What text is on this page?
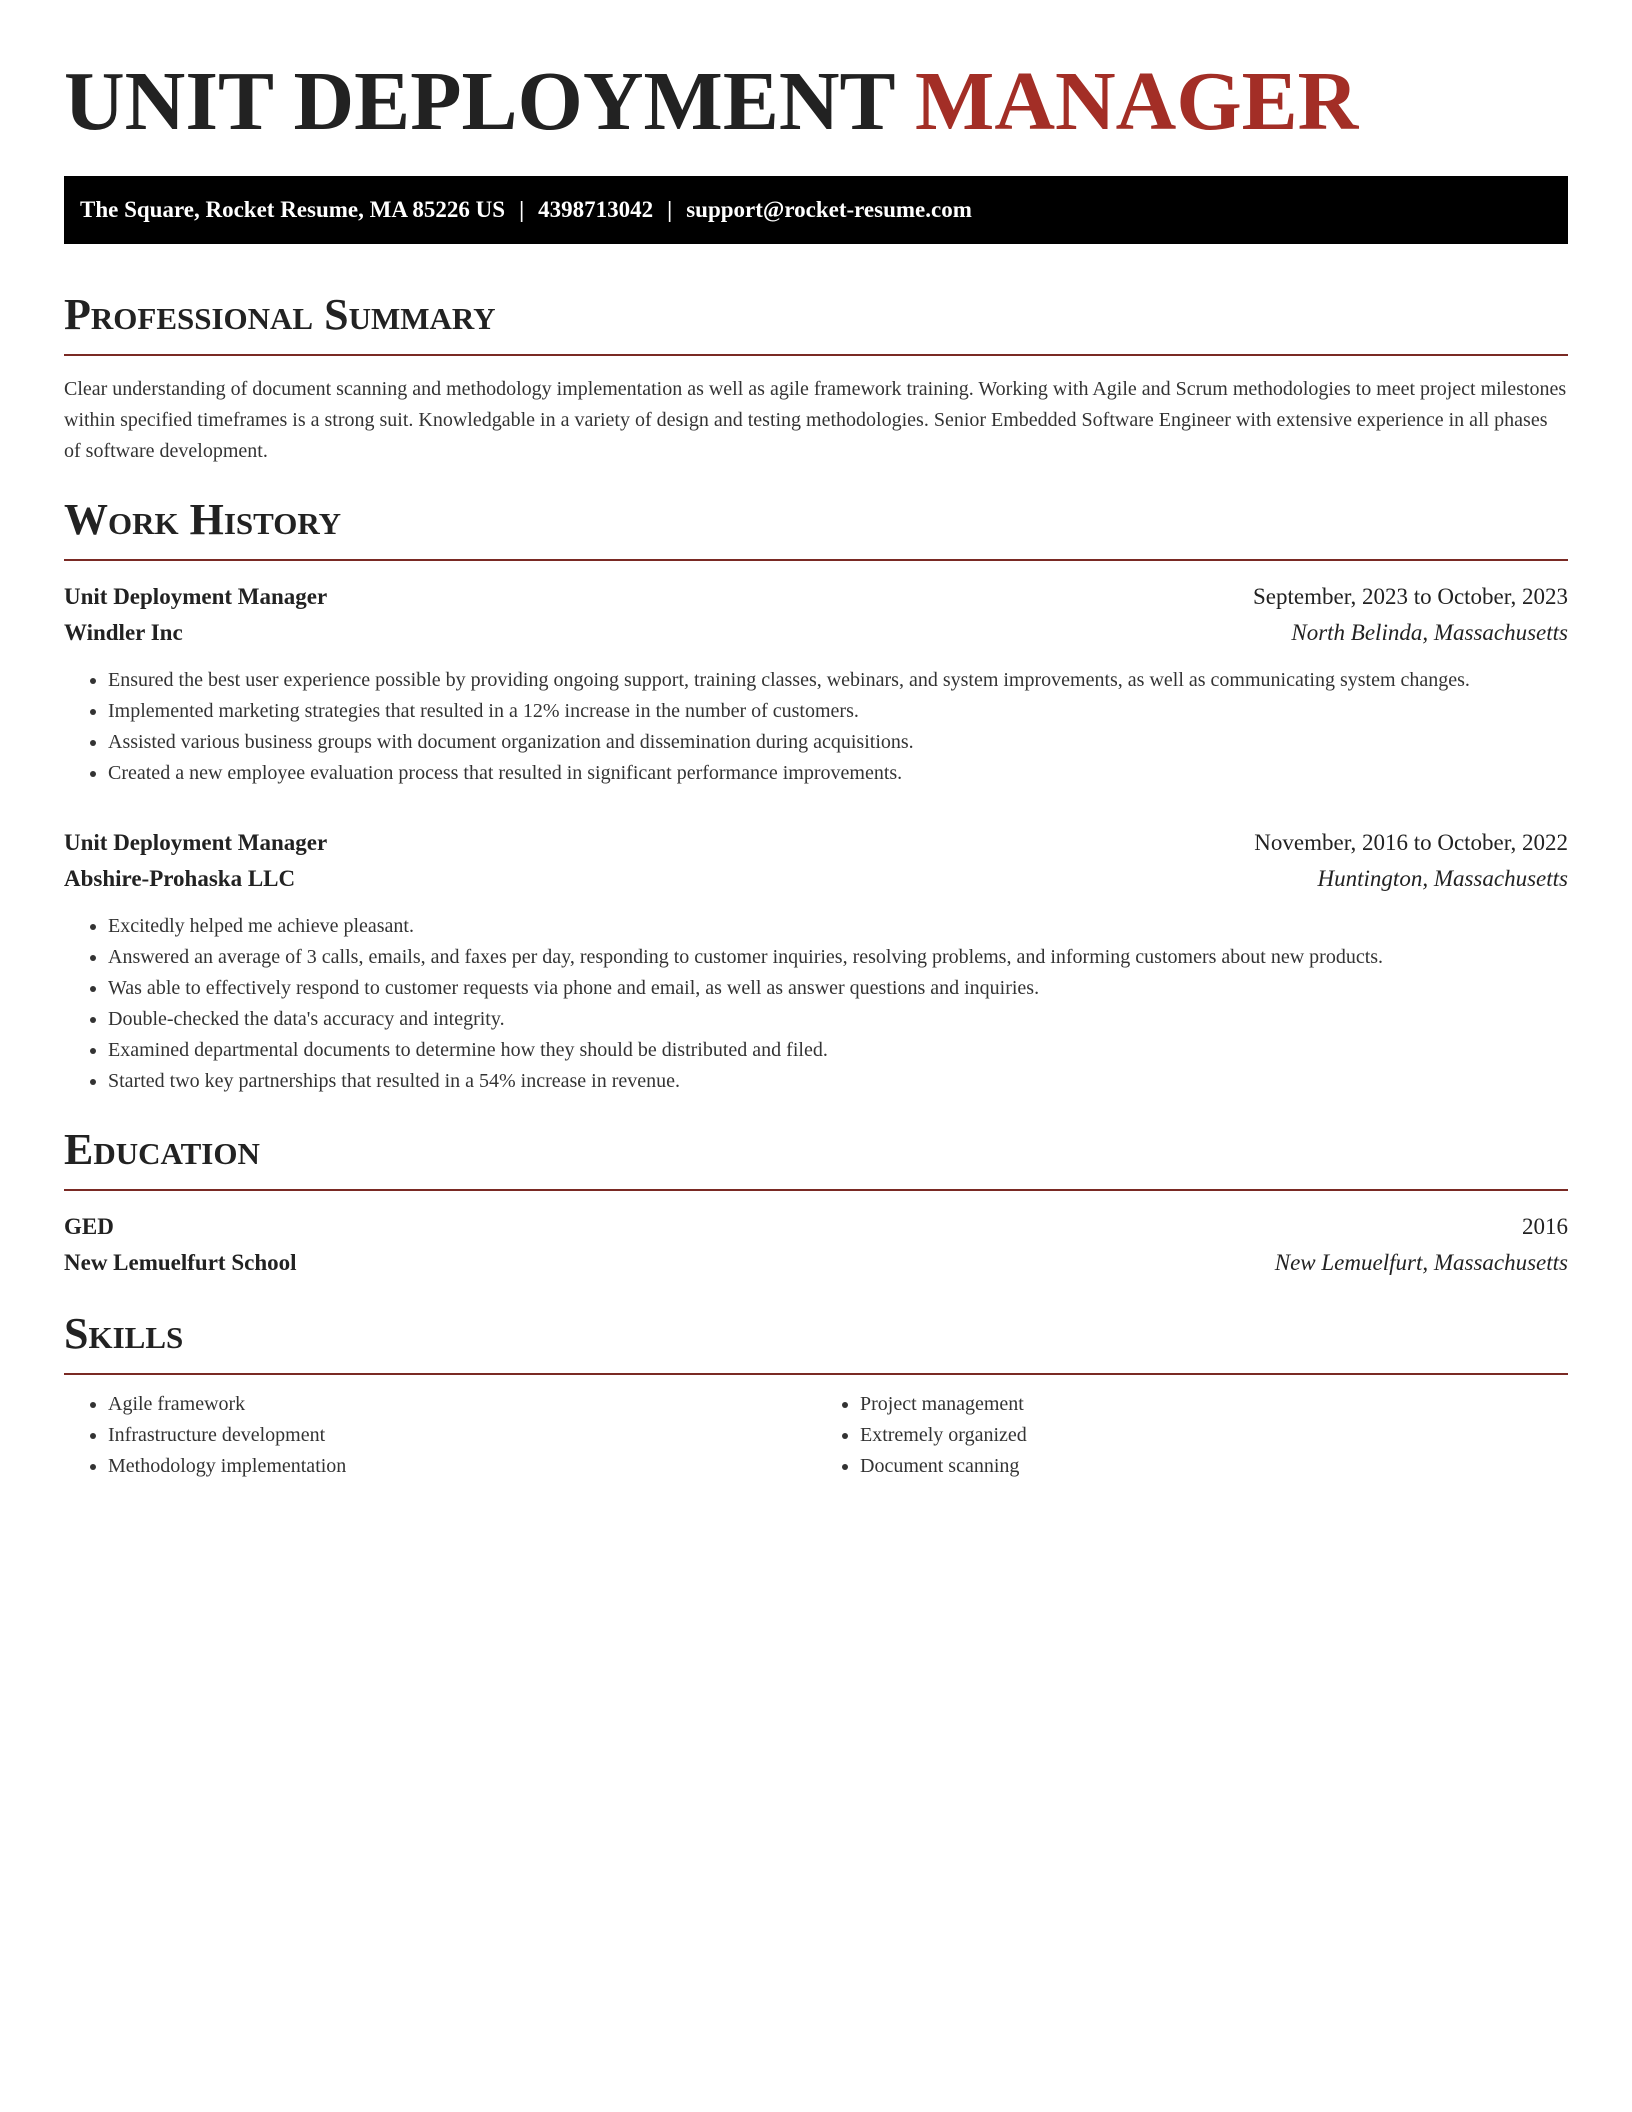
UNIT DEPLOYMENT MANAGER
The Square, Rocket Resume, MA 85226 US | 4398713042 | support@rocket-resume.com
Professional Summary

Clear understanding of document scanning and methodology implementation as well as agile framework training. Working with Agile and Scrum methodologies to meet project milestones within specified timeframes is a strong suit. Knowledgable in a variety of design and testing methodologies. Senior Embedded Software Engineer with extensive experience in all phases of software development.

Work History
Unit Deployment Manager	September, 2023 to October, 2023
Windler Inc	North Belinda, Massachusetts
• Ensured the best user experience possible by providing ongoing support, training classes, webinars, and system improvements, as well as communicating system changes.
• Implemented marketing strategies that resulted in a 12% increase in the number of customers.
• Assisted various business groups with document organization and dissemination during acquisitions.
• Created a new employee evaluation process that resulted in significant performance improvements.
Unit Deployment Manager	November, 2016 to October, 2022
Abshire-Prohaska LLC	Huntington, Massachusetts
• Excitedly helped me achieve pleasant.
• Answered an average of 3 calls, emails, and faxes per day, responding to customer inquiries, resolving problems, and informing customers about new products.
• Was able to effectively respond to customer requests via phone and email, as well as answer questions and inquiries.
• Double-checked the data's accuracy and integrity.
• Examined departmental documents to determine how they should be distributed and filed.
• Started two key partnerships that resulted in a 54% increase in revenue.
Education
GED	2016
New Lemuelfurt School	New Lemuelfurt, Massachusetts
Skills
• Agile framework
• Infrastructure development
• Methodology implementation
• Project management
• Extremely organized
• Document scanning
